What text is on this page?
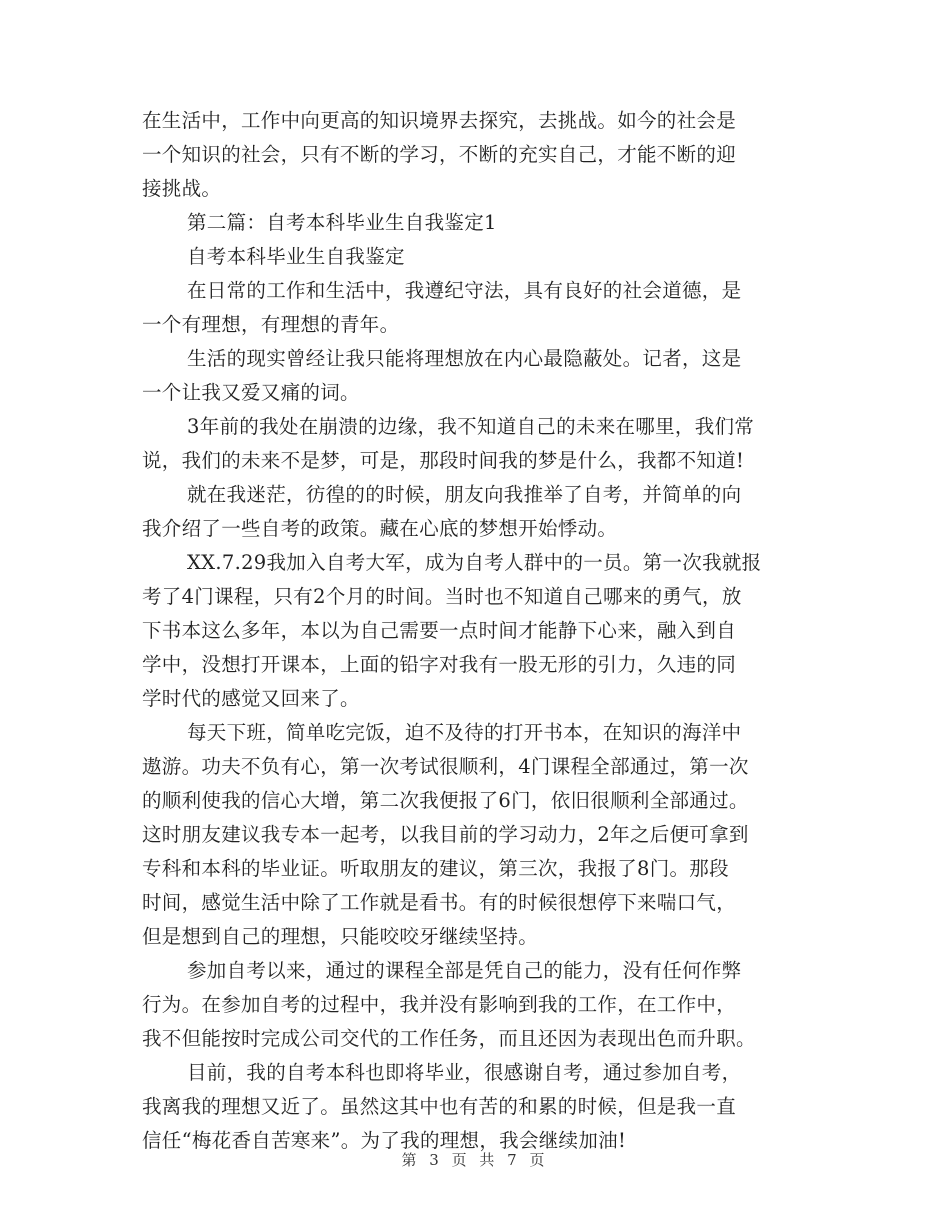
在生活中，工作中向更高的知识境界去探究，去挑战。如今的社会是
一个知识的社会，只有不断的学习，不断的充实自己，才能不断的迎
接挑战。
第二篇：自考本科毕业生自我鉴定1
自考本科毕业生自我鉴定
在日常的工作和生活中，我遵纪守法，具有良好的社会道德，是
一个有理想，有理想的青年。
生活的现实曾经让我只能将理想放在内心最隐蔽处。记者，这是
一个让我又爱又痛的词。
3年前的我处在崩溃的边缘，我不知道自己的未来在哪里，我们常
说，我们的未来不是梦，可是，那段时间我的梦是什么，我都不知道!
就在我迷茫，彷徨的的时候，朋友向我推举了自考，并简单的向
我介绍了一些自考的政策。藏在心底的梦想开始悸动。
XX.7.29我加入自考大军，成为自考人群中的一员。第一次我就报
考了4门课程，只有2个月的时间。当时也不知道自己哪来的勇气，放
下书本这么多年，本以为自己需要一点时间才能静下心来，融入到自
学中，没想打开课本，上面的铅字对我有一股无形的引力，久违的同
学时代的感觉又回来了。
每天下班，简单吃完饭，迫不及待的打开书本，在知识的海洋中
遨游。功夫不负有心，第一次考试很顺利，4门课程全部通过，第一次
的顺利使我的信心大增，第二次我便报了6门，依旧很顺利全部通过。
这时朋友建议我专本一起考，以我目前的学习动力，2年之后便可拿到
专科和本科的毕业证。听取朋友的建议，第三次，我报了8门。那段
时间，感觉生活中除了工作就是看书。有的时候很想停下来喘口气，
但是想到自己的理想，只能咬咬牙继续坚持。
参加自考以来，通过的课程全部是凭自己的能力，没有任何作弊
行为。在参加自考的过程中，我并没有影响到我的工作，在工作中，
我不但能按时完成公司交代的工作任务，而且还因为表现出色而升职。
目前，我的自考本科也即将毕业，很感谢自考，通过参加自考，
我离我的理想又近了。虽然这其中也有苦的和累的时候，但是我一直
信任“梅花香自苦寒来”。为了我的理想，我会继续加油!
第 3 页 共 7 页
